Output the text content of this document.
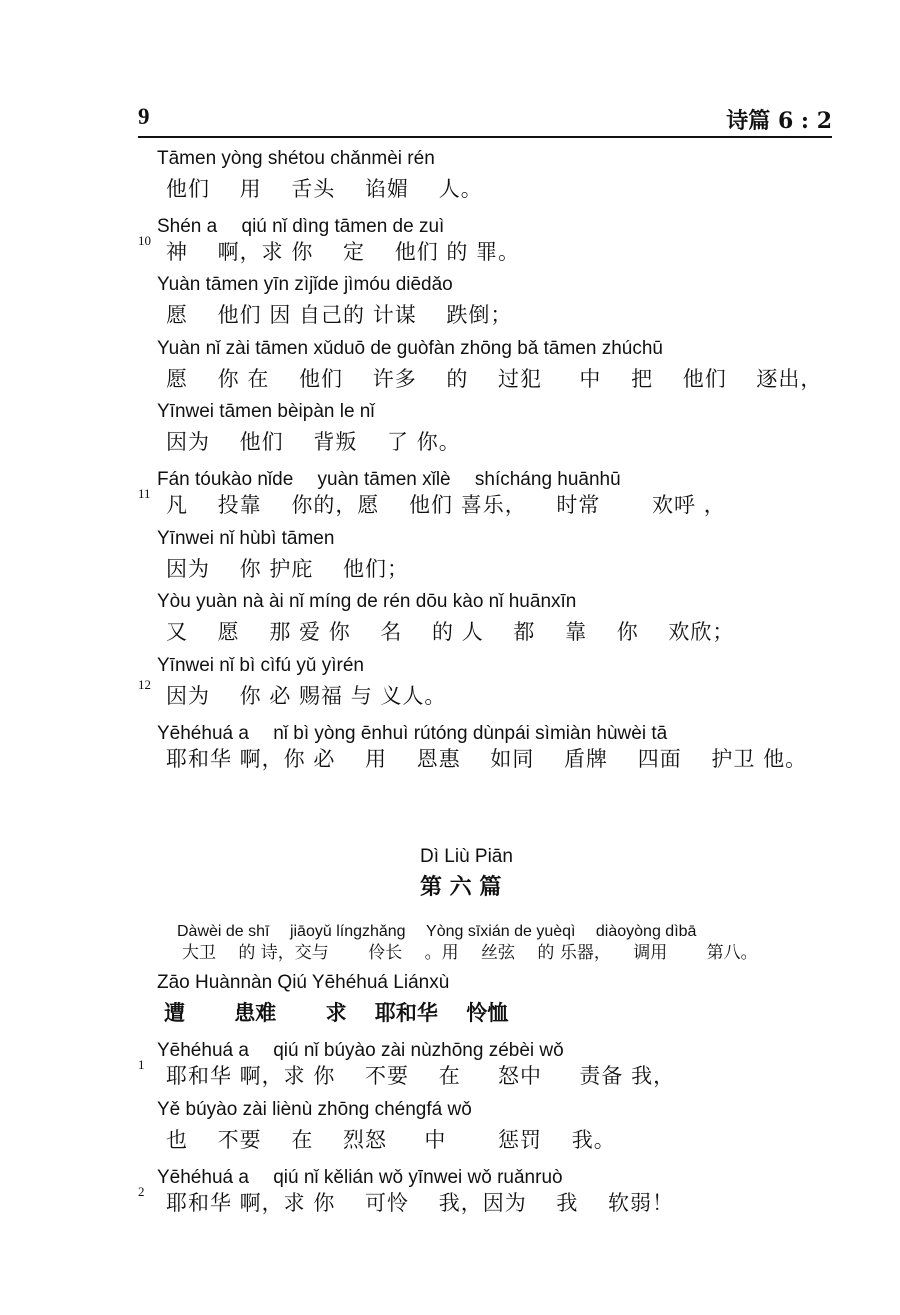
9	诗篇 6 : 2
Tāmen yòng shétou chǎnmèi rén
他们 　用 　舌头 　谄媚 　人。
10
Shén a 　qiú nǐ dìng tāmen de zuì
神 　啊，求 你 　定 　他们 的 罪。
Yuàn tāmen yīn zìjǐde jìmóu diēdǎo
愿 　他们 因 自己的 计谋 　跌倒；
Yuàn nǐ zài tāmen xǔduō de guòfàn zhōng bǎ tāmen zhúchū
愿 　你 在 　他们 　许多 　的 　过犯 　 中 　把 　他们 　逐出，
Yīnwei tāmen bèipàn le nǐ
因为 　他们 　背叛 　了 你。
11
Fán tóukào nǐde 　yuàn tāmen xǐlè 　shícháng huānhū
凡 　投靠 　你的，愿 　他们 喜乐， 　时常 　　欢呼 ，
Yīnwei nǐ hùbì tāmen
因为 　你 护庇 　他们；
Yòu yuàn nà ài nǐ míng de rén dōu kào nǐ huānxīn
又 　愿 　那 爱 你 　名 　的 人 　都 　靠 　你 　欢欣；
12
Yīnwei nǐ bì cìfú yǔ yìrén
因为 　你 必 赐福 与 义人。
Yēhéhuá a 　nǐ bì yòng ēnhuì rútóng dùnpái sìmiàn hùwèi tā
耶和华 啊，你 必 　用 　恩惠 　如同 　盾牌 　四面 　护卫 他。
Dì Liù Piān
第 六 篇
Dàwèi de shī 　jiāoyǔ língzhǎng 　Yòng sīxián de yuèqì 　diàoyòng dìbā
大卫 　的 诗，交与 　　伶长 　。用 　丝弦 　的 乐器， 　调用 　　第八。
Zāo Huànnàn Qiú Yēhéhuá Liánxù
遭 　　患难 　　求 　耶和华 　怜恤
1
Yēhéhuá a 　qiú nǐ búyào zài nùzhōng zébèi wǒ
耶和华 啊，求 你 　不要 　在 　 怒中 　 责备 我，
Yě búyào zài liènù zhōng chéngfá wǒ
也 　不要 　在 　烈怒 　 中 　　惩罚 　我。
2
Yēhéhuá a 　qiú nǐ kělián wǒ yīnwei wǒ ruǎnruò
耶和华 啊，求 你 　可怜 　我，因为 　我 　软弱！
